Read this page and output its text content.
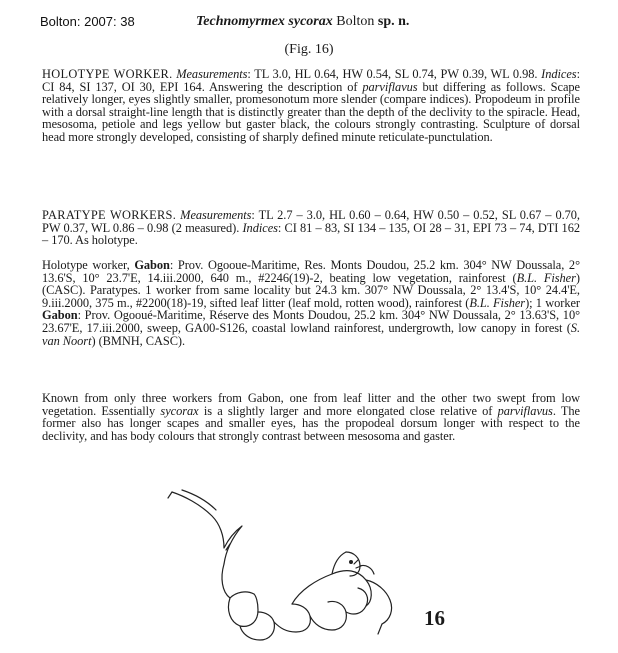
Bolton: 2007: 38	Technomyrmex sycorax Bolton sp. n.
(Fig. 16)
HOLOTYPE WORKER. Measurements: TL 3.0, HL 0.64, HW 0.54, SL 0.74, PW 0.39, WL 0.98. Indices: CI 84, SI 137, OI 30, EPI 164. Answering the description of parviflavus but differing as follows. Scape relatively longer, eyes slightly smaller, promesonotum more slender (compare indices). Propodeum in profile with a dorsal straight-line length that is distinctly greater than the depth of the declivity to the spiracle. Head, mesosoma, petiole and legs yellow but gaster black, the colours strongly contrasting. Sculpture of dorsal head more strongly developed, consisting of sharply defined minute reticulate-punctulation.
PARATYPE WORKERS. Measurements: TL 2.7 – 3.0, HL 0.60 – 0.64, HW 0.50 – 0.52, SL 0.67 – 0.70, PW 0.37, WL 0.86 – 0.98 (2 measured). Indices: CI 81 – 83, SI 134 – 135, OI 28 – 31, EPI 73 – 74, DTI 162 – 170. As holotype.
Holotype worker, Gabon: Prov. Ogooue-Maritime, Res. Monts Doudou, 25.2 km. 304° NW Doussala, 2° 13.6'S, 10° 23.7'E, 14.iii.2000, 640 m., #2246(19)-2, beating low vegetation, rainforest (B.L. Fisher) (CASC). Paratypes. 1 worker from same locality but 24.3 km. 307° NW Doussala, 2° 13.4'S, 10° 24.4'E, 9.iii.2000, 375 m., #2200(18)-19, sifted leaf litter (leaf mold, rotten wood), rainforest (B.L. Fisher); 1 worker Gabon: Prov. Ogooué-Maritime, Réserve des Monts Doudou, 25.2 km. 304° NW Doussala, 2° 13.63'S, 10° 23.67'E, 17.iii.2000, sweep, GA00-S126, coastal lowland rainforest, undergrowth, low canopy in forest (S. van Noort) (BMNH, CASC).
Known from only three workers from Gabon, one from leaf litter and the other two swept from low vegetation. Essentially sycorax is a slightly larger and more elongated close relative of parviflavus. The former also has longer scapes and smaller eyes, has the propodeal dorsum longer with respect to the declivity, and has body colours that strongly contrast between mesosoma and gaster.
16
